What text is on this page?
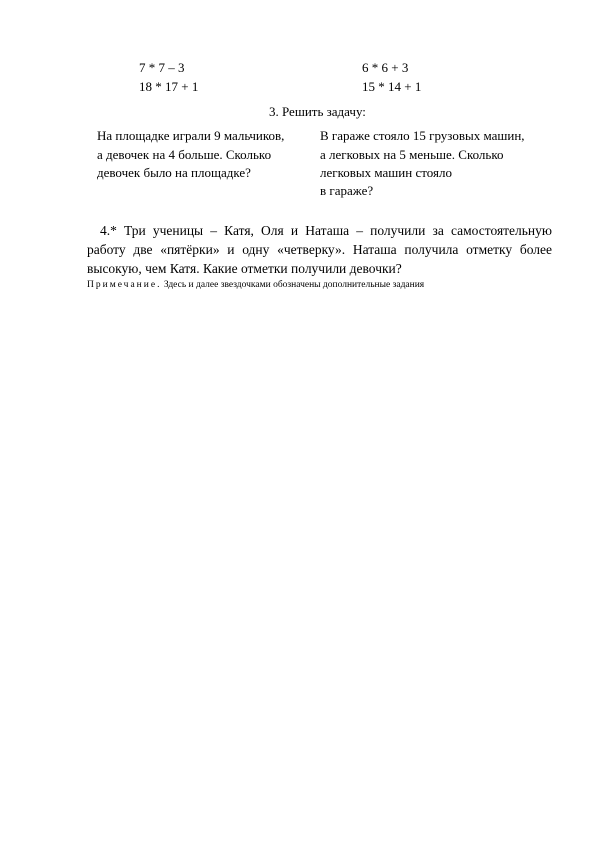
7 * 7 – 3
18 * 17 + 1
6 * 6 + 3
15 * 14 + 1
3. Решить задачу:
На площадке играли 9 мальчиков,
а девочек на 4 больше. Сколько
девочек было на площадке?
В гараже стояло 15 грузовых машин,
а легковых на 5 меньше. Сколько
легковых машин стояло
в гараже?
4.* Три ученицы – Катя, Оля и Наташа – получили за самостоятельную
работу две «пятёрки» и одну «четверку». Наташа получила отметку более
высокую, чем Катя. Какие отметки получили девочки?
Примечание. Здесь и далее звездочками обозначены дополнительные задания
